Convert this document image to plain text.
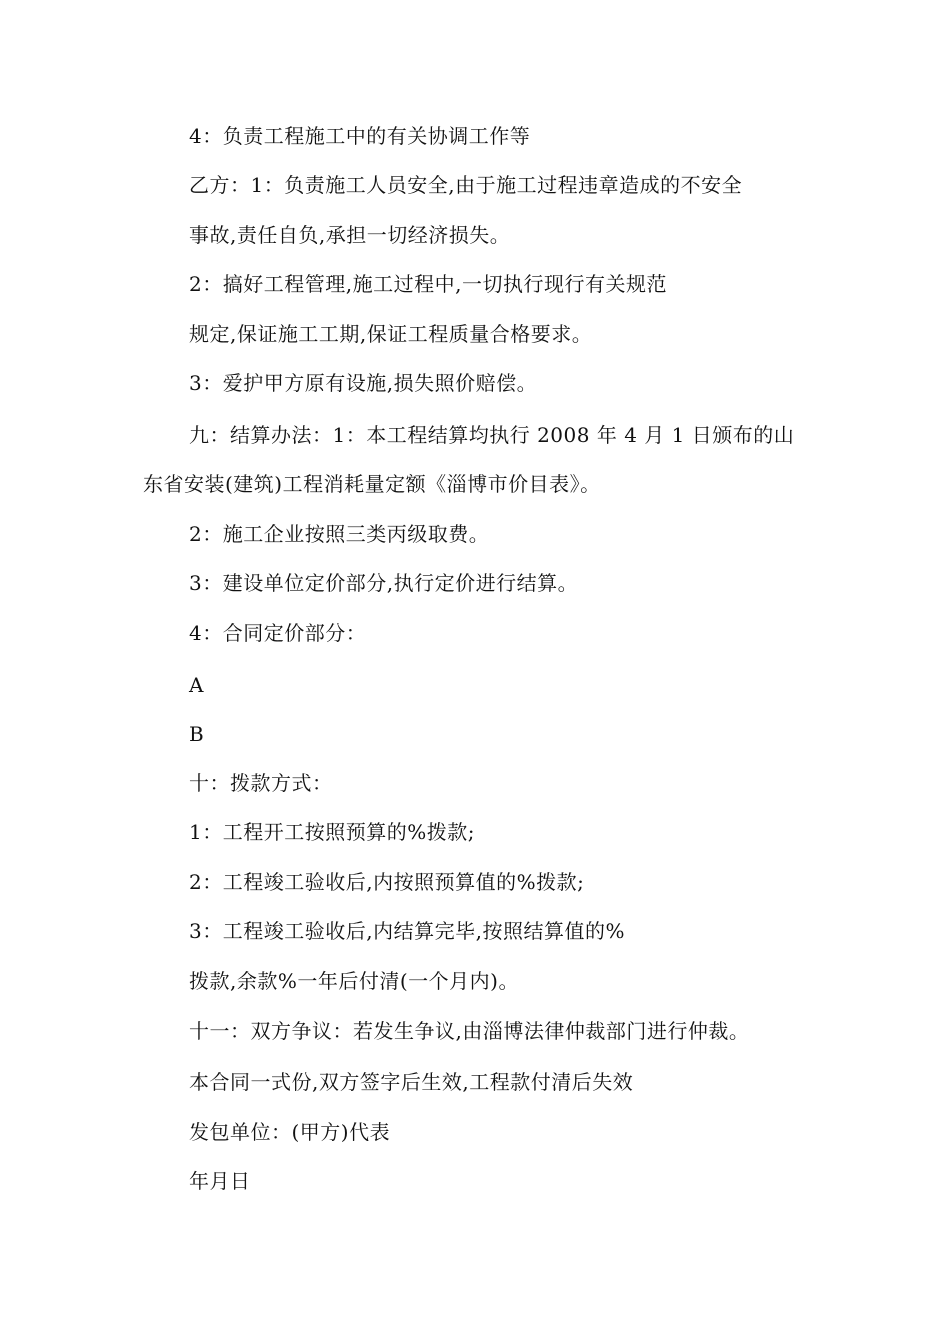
4：负责工程施工中的有关协调工作等
乙方：1：负责施工人员安全,由于施工过程违章造成的不安全
事故,责任自负,承担一切经济损失。
2：搞好工程管理,施工过程中,一切执行现行有关规范
规定,保证施工工期,保证工程质量合格要求。
3：爱护甲方原有设施,损失照价赔偿。
九：结算办法：1：本工程结算均执行 2008 年 4 月 1 日颁布的山
东省安装(建筑)工程消耗量定额《淄博市价目表》。
2：施工企业按照三类丙级取费。
3：建设单位定价部分,执行定价进行结算。
4：合同定价部分：
A
B
十：拨款方式：
1：工程开工按照预算的%拨款;
2：工程竣工验收后,内按照预算值的%拨款;
3：工程竣工验收后,内结算完毕,按照结算值的%
拨款,余款%一年后付清(一个月内)。
十一：双方争议：若发生争议,由淄博法律仲裁部门进行仲裁。
本合同一式份,双方签字后生效,工程款付清后失效
发包单位：(甲方)代表
年月日
